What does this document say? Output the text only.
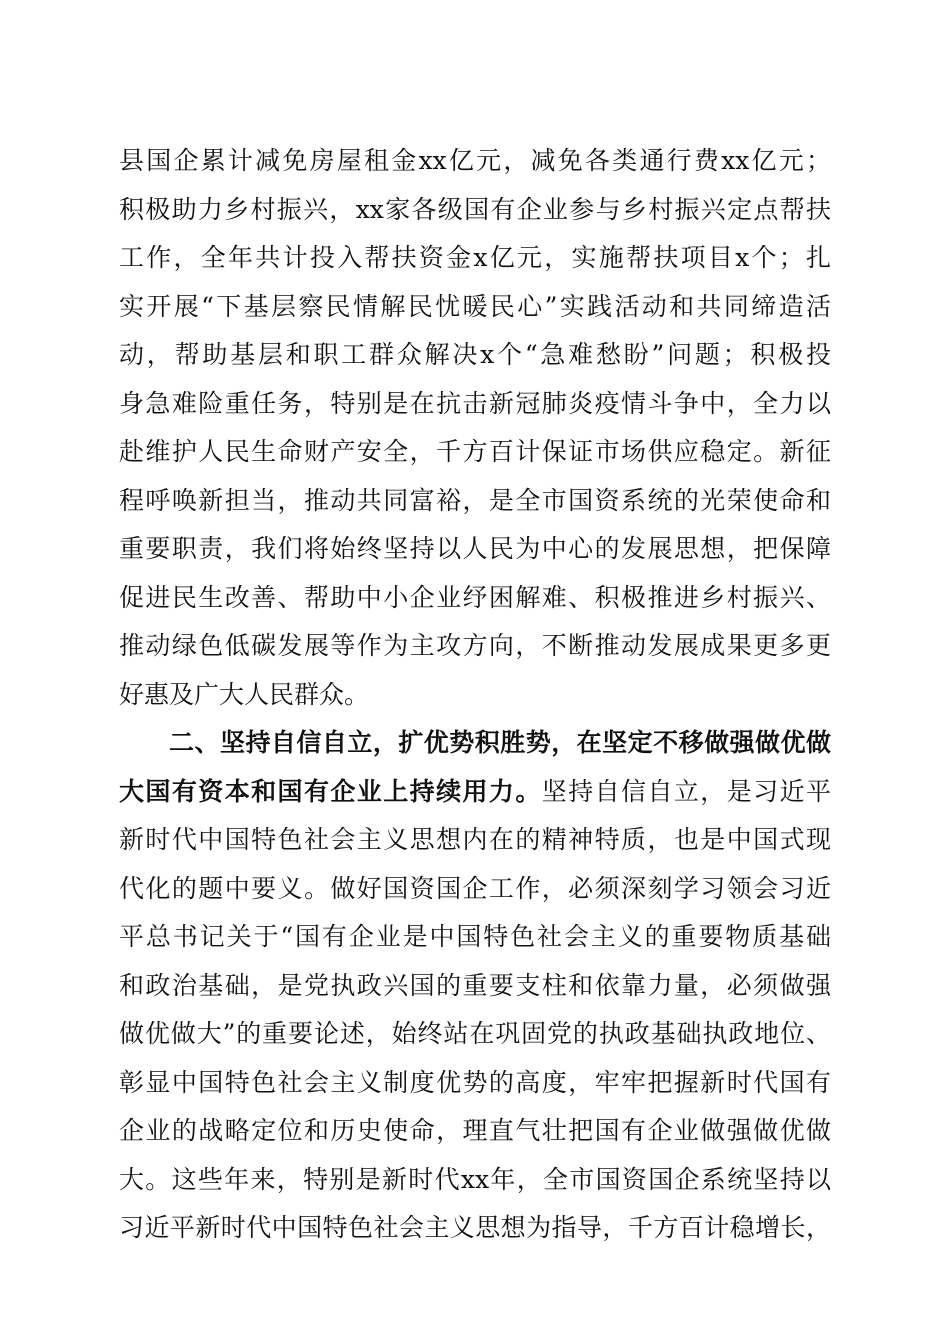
县国企累计减免房屋租金xx亿元，减免各类通行费xx亿元；
积极助力乡村振兴，xx家各级国有企业参与乡村振兴定点帮扶
工作，全年共计投入帮扶资金x亿元，实施帮扶项目x个；扎
实开展“下基层察民情解民忧暖民心”实践活动和共同缔造活
动，帮助基层和职工群众解决x个“急难愁盼”问题；积极投
身急难险重任务，特别是在抗击新冠肺炎疫情斗争中，全力以
赴维护人民生命财产安全，千方百计保证市场供应稳定。新征
程呼唤新担当，推动共同富裕，是全市国资系统的光荣使命和
重要职责，我们将始终坚持以人民为中心的发展思想，把保障
促进民生改善、帮助中小企业纾困解难、积极推进乡村振兴、
推动绿色低碳发展等作为主攻方向，不断推动发展成果更多更
好惠及广大人民群众。
二、坚持自信自立，扩优势积胜势，在坚定不移做强做优做
大国有资本和国有企业上持续用力。坚持自信自立，是习近平
新时代中国特色社会主义思想内在的精神特质，也是中国式现
代化的题中要义。做好国资国企工作，必须深刻学习领会习近
平总书记关于“国有企业是中国特色社会主义的重要物质基础
和政治基础，是党执政兴国的重要支柱和依靠力量，必须做强
做优做大”的重要论述，始终站在巩固党的执政基础执政地位、
彰显中国特色社会主义制度优势的高度，牢牢把握新时代国有
企业的战略定位和历史使命，理直气壮把国有企业做强做优做
大。这些年来，特别是新时代xx年，全市国资国企系统坚持以
习近平新时代中国特色社会主义思想为指导，千方百计稳增长，
